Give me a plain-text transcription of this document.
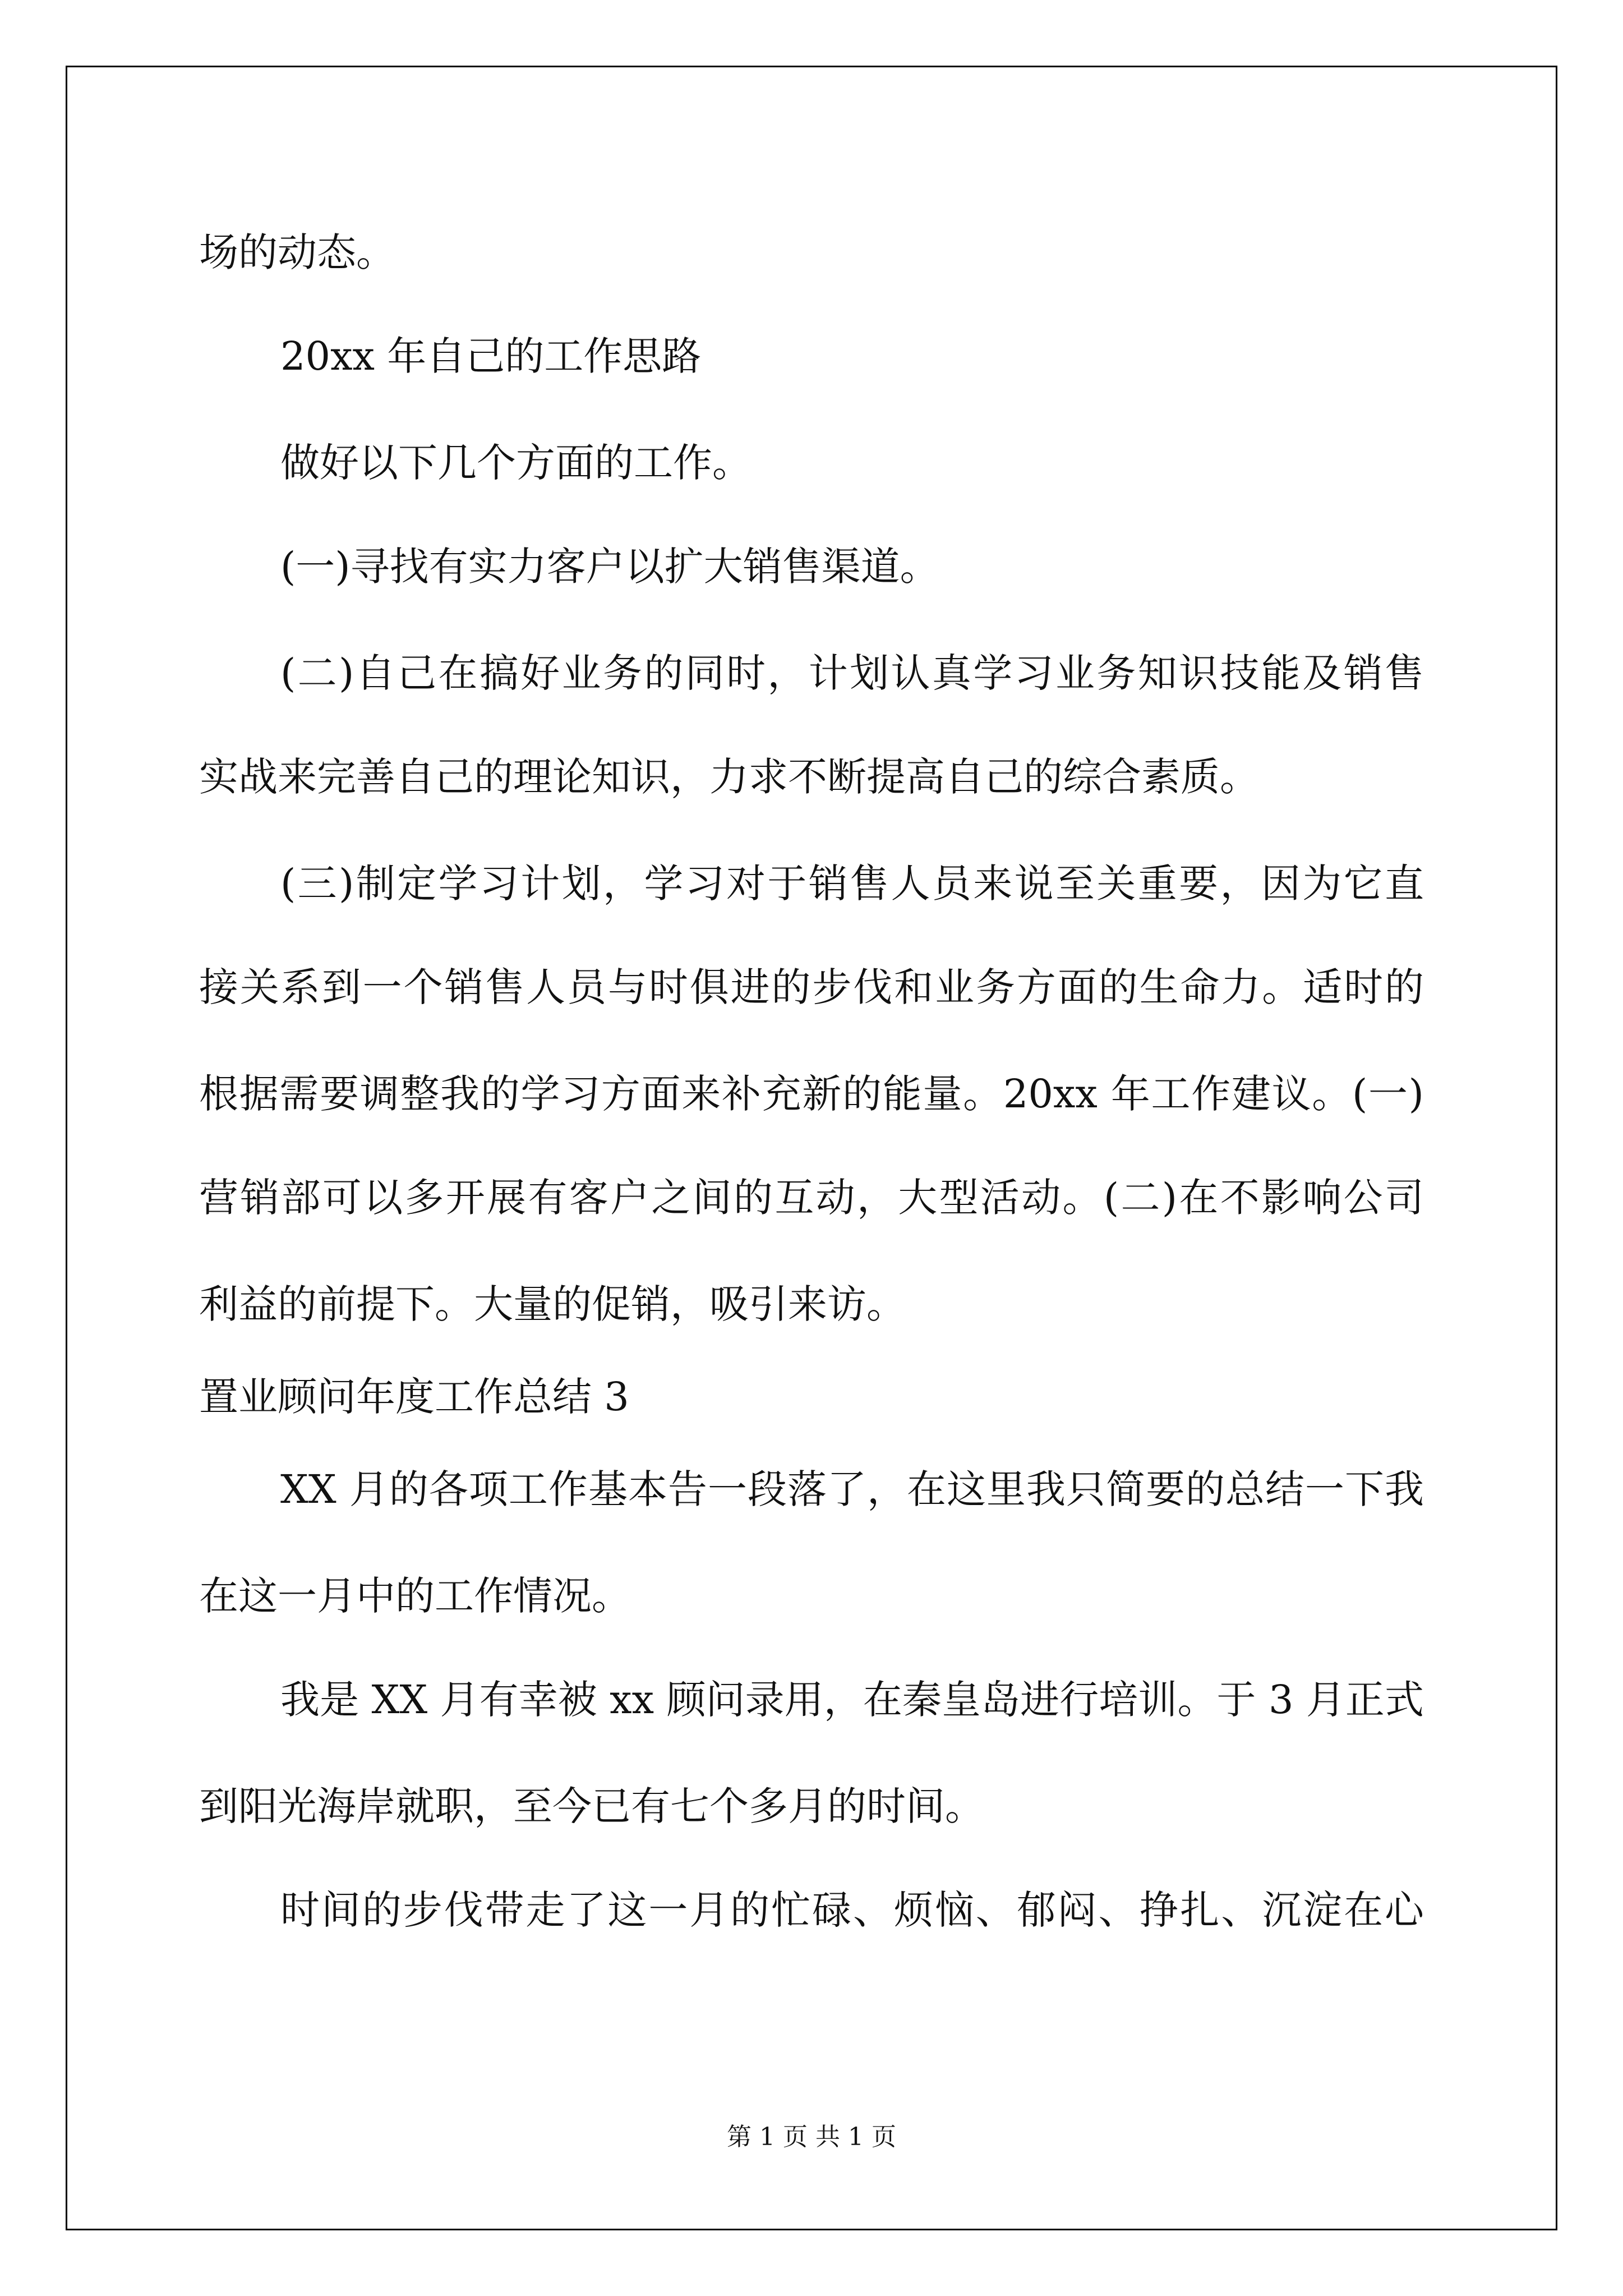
场的动态。
20xx 年自己的工作思路
做好以下几个方面的工作。
(一)寻找有实力客户以扩大销售渠道。
(二)自己在搞好业务的同时，计划认真学习业务知识技能及销售
实战来完善自己的理论知识，力求不断提高自己的综合素质。
(三)制定学习计划，学习对于销售人员来说至关重要，因为它直
接关系到一个销售人员与时俱进的步伐和业务方面的生命力。适时的
根据需要调整我的学习方面来补充新的能量。20xx 年工作建议。(一)
营销部可以多开展有客户之间的互动，大型活动。(二)在不影响公司
利益的前提下。大量的促销，吸引来访。
置业顾问年度工作总结 3
XX 月的各项工作基本告一段落了，在这里我只简要的总结一下我
在这一月中的工作情况。
我是 XX 月有幸被 xx 顾问录用，在秦皇岛进行培训。于 3 月正式
到阳光海岸就职，至今已有七个多月的时间。
时间的步伐带走了这一月的忙碌、烦恼、郁闷、挣扎、沉淀在心
第 1 页 共 1 页
